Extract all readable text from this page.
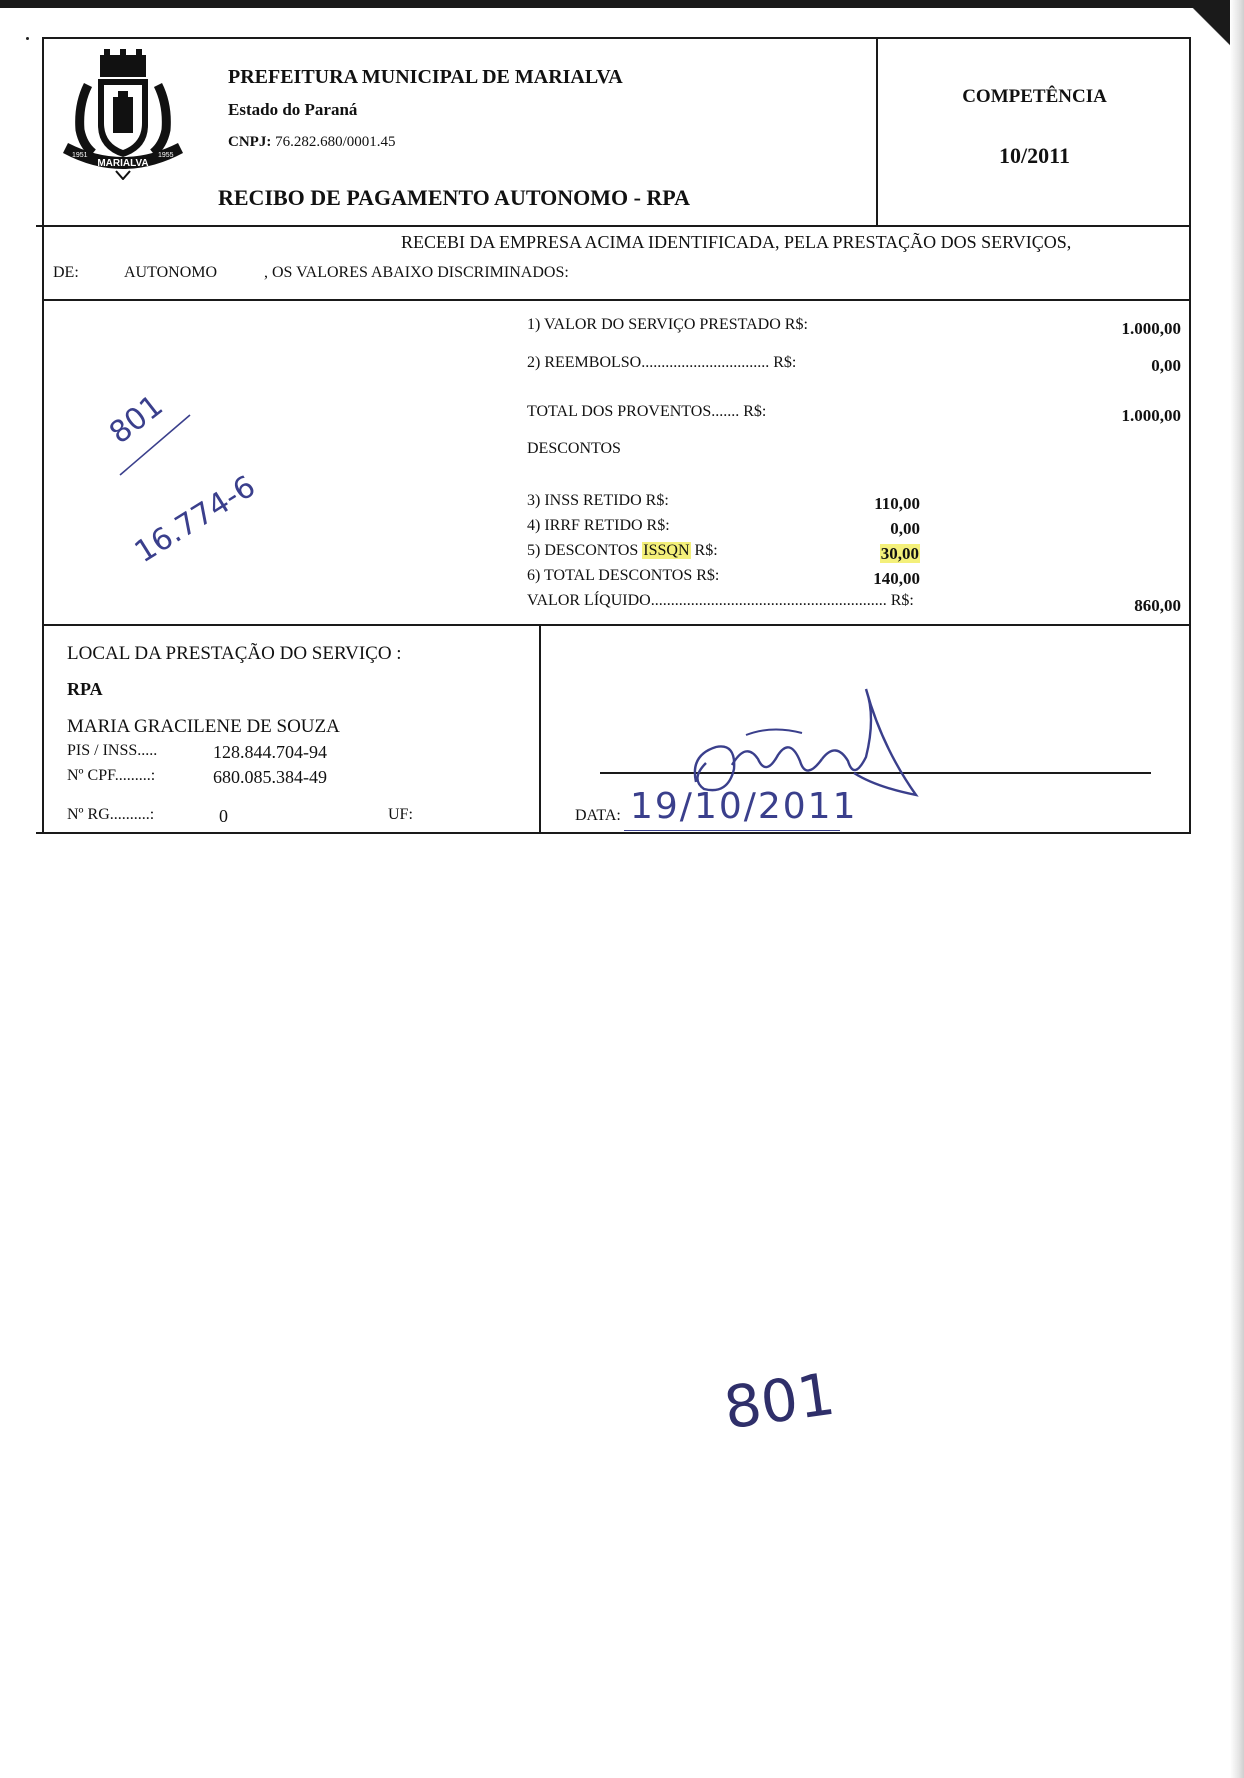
MARIALVA
1951	1955
PREFEITURA MUNICIPAL DE MARIALVA
Estado do Paraná
CNPJ: 76.282.680/0001.45
RECIBO DE PAGAMENTO AUTONOMO - RPA
COMPETÊNCIA
10/2011
RECEBI DA EMPRESA ACIMA IDENTIFICADA, PELA PRESTAÇÃO DOS SERVIÇOS,
DE:	AUTONOMO	, OS VALORES ABAIXO DISCRIMINADOS:
1) VALOR DO SERVIÇO PRESTADO R$:	1.000,00
2) REEMBOLSO................................ R$:	0,00
TOTAL DOS PROVENTOS....... R$:	1.000,00
DESCONTOS
3) INSS RETIDO R$:	110,00
4) IRRF RETIDO R$:	0,00
5) DESCONTOS ISSQN R$:	30,00
6) TOTAL DESCONTOS R$:	140,00
VALOR LÍQUIDO........................................................... R$:	860,00
801
16.774-6
LOCAL DA PRESTAÇÃO DO SERVIÇO :
RPA
MARIA GRACILENE DE SOUZA
PIS / INSS.....	128.844.704-94
Nº CPF.........:	680.085.384-49
Nº RG..........:	0	UF:	DATA: 19/10/2011
801
